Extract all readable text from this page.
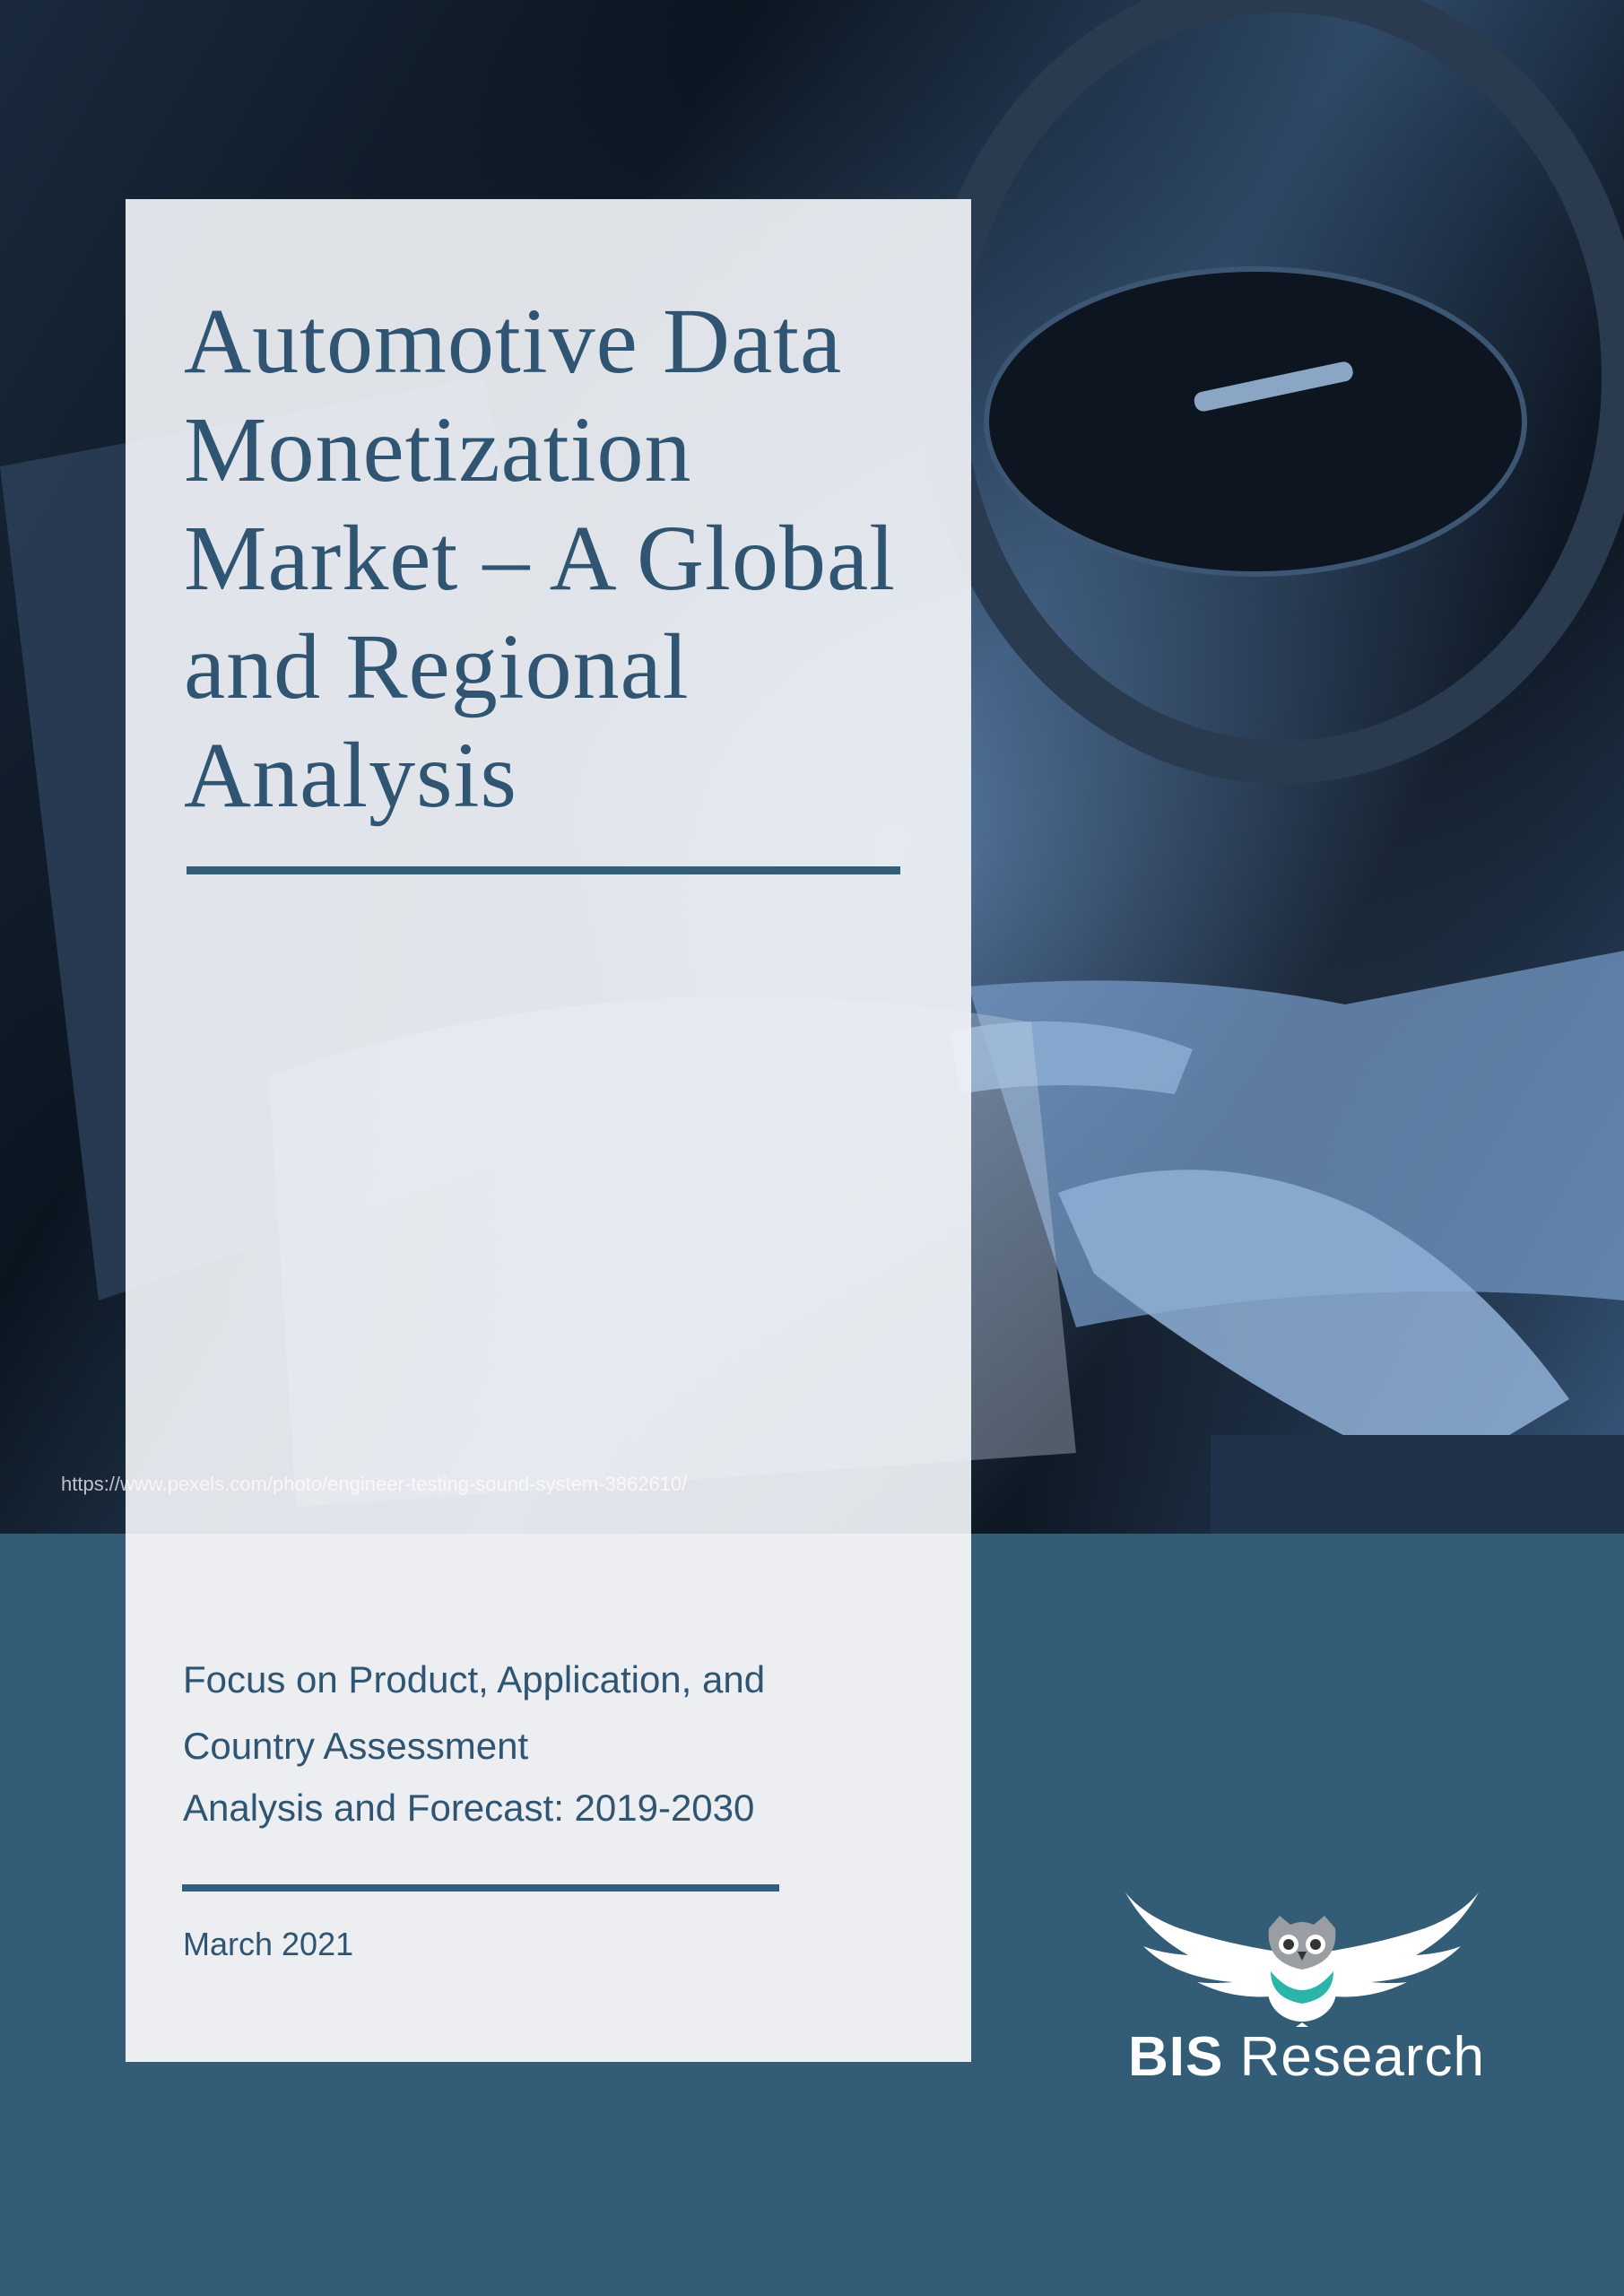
Automotive Data Monetization Market – A Global and Regional Analysis
https://www.pexels.com/photo/engineer-testing-sound-system-3862610/
Focus on Product, Application, and Country Assessment
Analysis and Forecast: 2019-2030
March 2021
BIS Research
